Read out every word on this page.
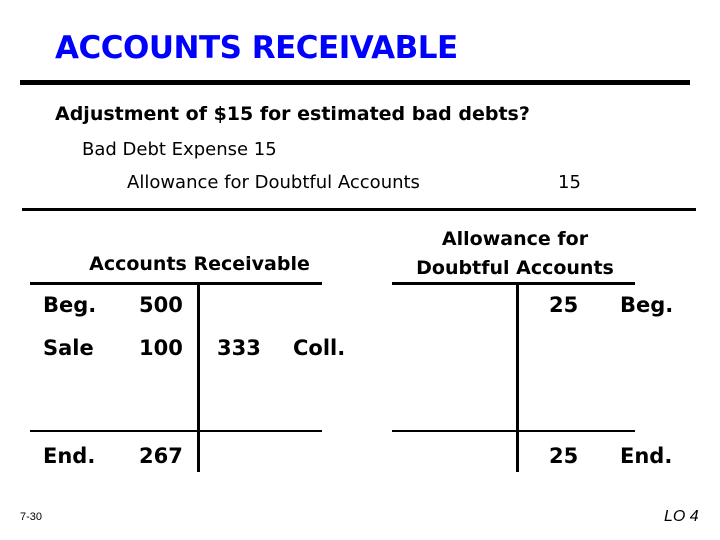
ACCOUNTS RECEIVABLE
Adjustment of $15 for estimated bad debts?
Bad Debt Expense 15
Allowance for Doubtful Accounts	15
Accounts Receivable
Beg. 500
Sale 100 333 Coll.
End. 267
Allowance for
Doubtful Accounts
25 Beg.
25 End.
7-30	LO 4
